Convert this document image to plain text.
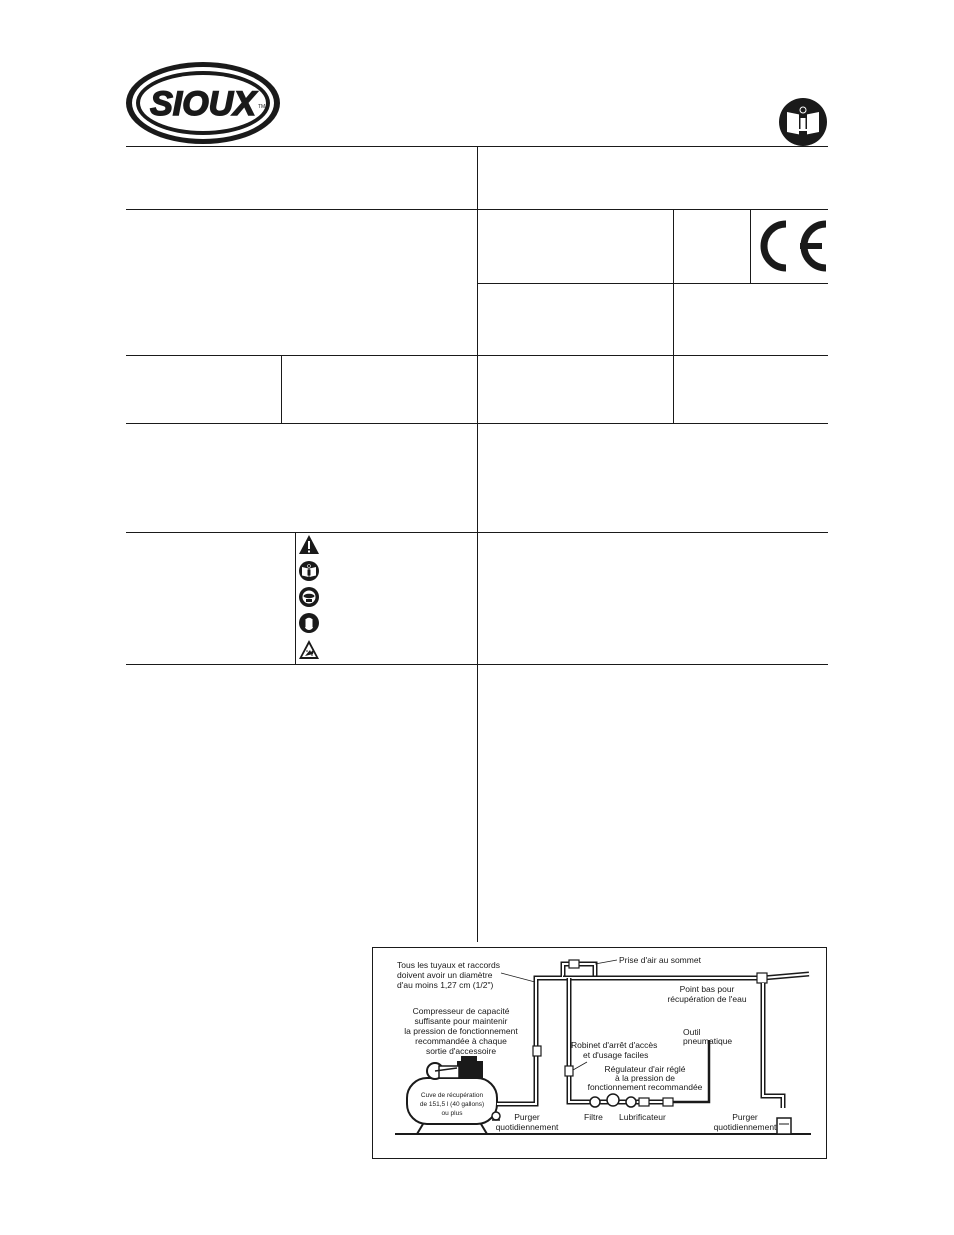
SIOUX TM
Tous les tuyaux et raccords
doivent avoir un diamètre
d'au moins 1,27 cm (1/2")
Compresseur de capacité
suffisante pour maintenir
la pression de fonctionnement
recommandée à chaque
sortie d'accessoire
Prise d'air au sommet
Point bas pour
récupération de l'eau
Outil
pneumatique
Robinet d'arrêt d'accès
et d'usage faciles
Régulateur d'air réglé
à la pression de
fonctionnement recommandée
Filtre Lubrificateur
Purger
quotidiennement
Purger
quotidiennement
Cuve de récupération
de 151,5 l (40 gallons)
ou plus
